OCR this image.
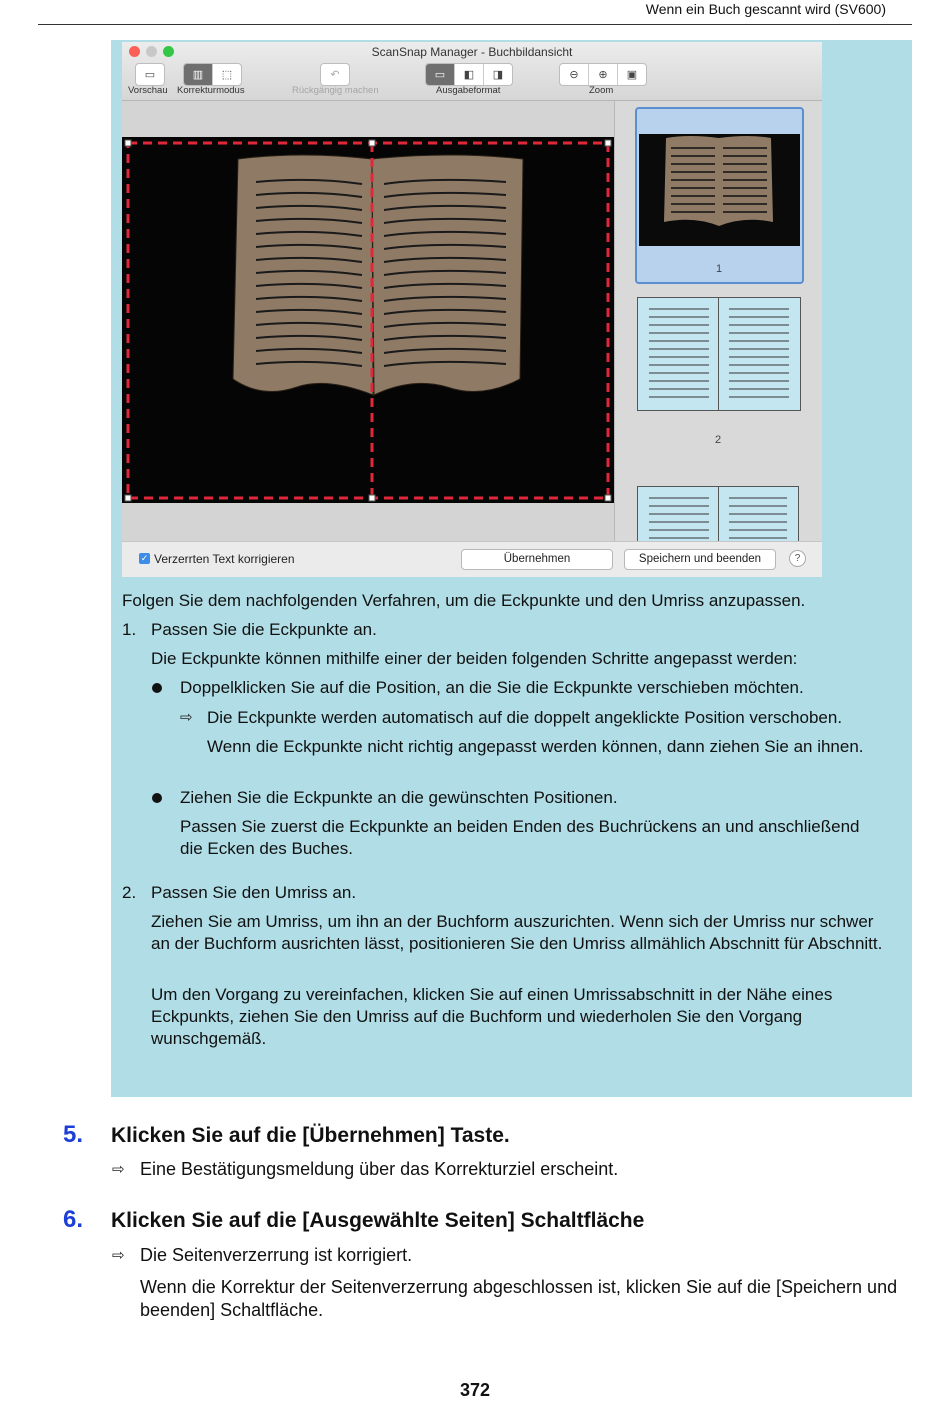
Wenn ein Buch gescannt wird (SV600)
ScanSnap Manager - Buchbildansicht
▭	▥ ⬚	↶	▭ ◧ ◨	⊖ ⊕ ▣
Vorschau Korrekturmodus	Rückgängig machen	Ausgabeformat	Zoom
1
2
✓ Verzerrten Text korrigieren	Übernehmen	Speichern und beenden	?
Folgen Sie dem nachfolgenden Verfahren, um die Eckpunkte und den Umriss anzupassen.
1. Passen Sie die Eckpunkte an.
Die Eckpunkte können mithilfe einer der beiden folgenden Schritte angepasst werden:
Doppelklicken Sie auf die Position, an die Sie die Eckpunkte verschieben möchten.
⇨ Die Eckpunkte werden automatisch auf die doppelt angeklickte Position verschoben.
Wenn die Eckpunkte nicht richtig angepasst werden können, dann ziehen Sie an ihnen.
Ziehen Sie die Eckpunkte an die gewünschten Positionen.
Passen Sie zuerst die Eckpunkte an beiden Enden des Buchrückens an und anschließend die Ecken des Buches.
2. Passen Sie den Umriss an.
Ziehen Sie am Umriss, um ihn an der Buchform auszurichten. Wenn sich der Umriss nur schwer an der Buchform ausrichten lässt, positionieren Sie den Umriss allmählich Abschnitt für Abschnitt.
Um den Vorgang zu vereinfachen, klicken Sie auf einen Umrissabschnitt in der Nähe eines Eckpunkts, ziehen Sie den Umriss auf die Buchform und wiederholen Sie den Vorgang wunschgemäß.
5. Klicken Sie auf die [Übernehmen] Taste.
⇨ Eine Bestätigungsmeldung über das Korrekturziel erscheint.
6. Klicken Sie auf die [Ausgewählte Seiten] Schaltfläche
⇨ Die Seitenverzerrung ist korrigiert.
Wenn die Korrektur der Seitenverzerrung abgeschlossen ist, klicken Sie auf die [Speichern und beenden] Schaltfläche.
372
